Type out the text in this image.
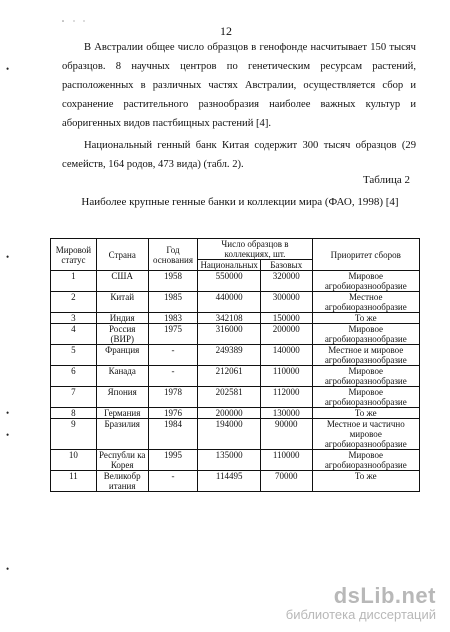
12

В Австралии общее число образцов в генофонде насчитывает 150 тысяч образцов. 8 научных центров по генетическим ресурсам растений, расположенных в различных частях Австралии, осуществляется сбор и сохранение растительного разнообразия наиболее важных культур и аборигенных видов пастбищных растений [4].

Национальный генный банк Китая содержит 300 тысяч образцов (29 семейств, 164 родов, 473 вида) (табл. 2).

Таблица 2
Наиболее крупные генные банки и коллекции мира (ФАО, 1998) [4]
Мировой статус	Страна	Год основания	Число образцов в коллекциях, шт.		Приоритет сборов
			Национальных	Базовых	
1	США	1958	550000	320000	Мировое агробиоразнообразие
2	Китай	1985	440000	300000	Местное агробиоразнообразие
3	Индия	1983	342108	150000	То же
4	Россия (ВИР)	1975	316000	200000	Мировое агробиоразнообразие
5	Франция	-	249389	140000	Местное и мировое агробиоразнообразие
6	Канада	-	212061	110000	Мировое агробиоразнообразие
7	Япония	1978	202581	112000	Мировое агробиоразнообразие
8	Германия	1976	200000	130000	То же
9	Бразилия	1984	194000	90000	Местное и частично мировое агробиоразнообразие
10	Республи ка Корея	1995	135000	110000	Мировое агробиоразнообразие
11	Великобр итания	-	114495	70000	То же
•
•
•
•
•
dsLib.net
библиотека диссертаций
